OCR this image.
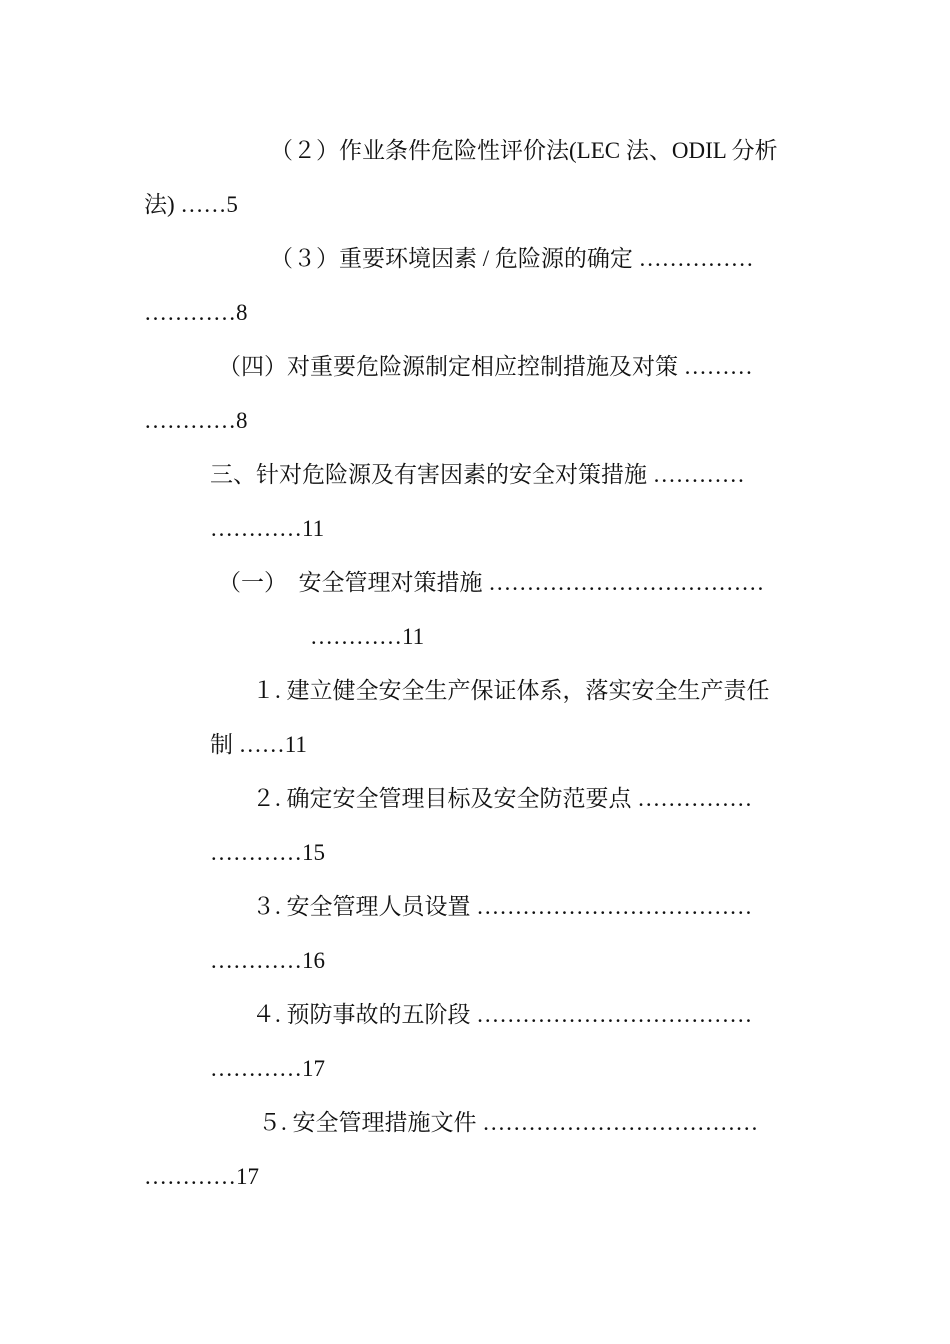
（２）作业条件危险性评价法(LEC 法、ODIL 分析
法) ……5
（３）重要环境因素 / 危险源的确定 ……………
…………8
（四）对重要危险源制定相应控制措施及对策 ………
…………8
三、针对危险源及有害因素的安全对策措施 …………
…………11
（一）  安全管理对策措施 ………………………………
…………11
１. 建立健全安全生产保证体系，落实安全生产责任
制 ……11
２. 确定安全管理目标及安全防范要点 ……………
…………15
３. 安全管理人员设置 ………………………………
…………16
４. 预防事故的五阶段 ………………………………
…………17
５. 安全管理措施文件 ………………………………
…………17
